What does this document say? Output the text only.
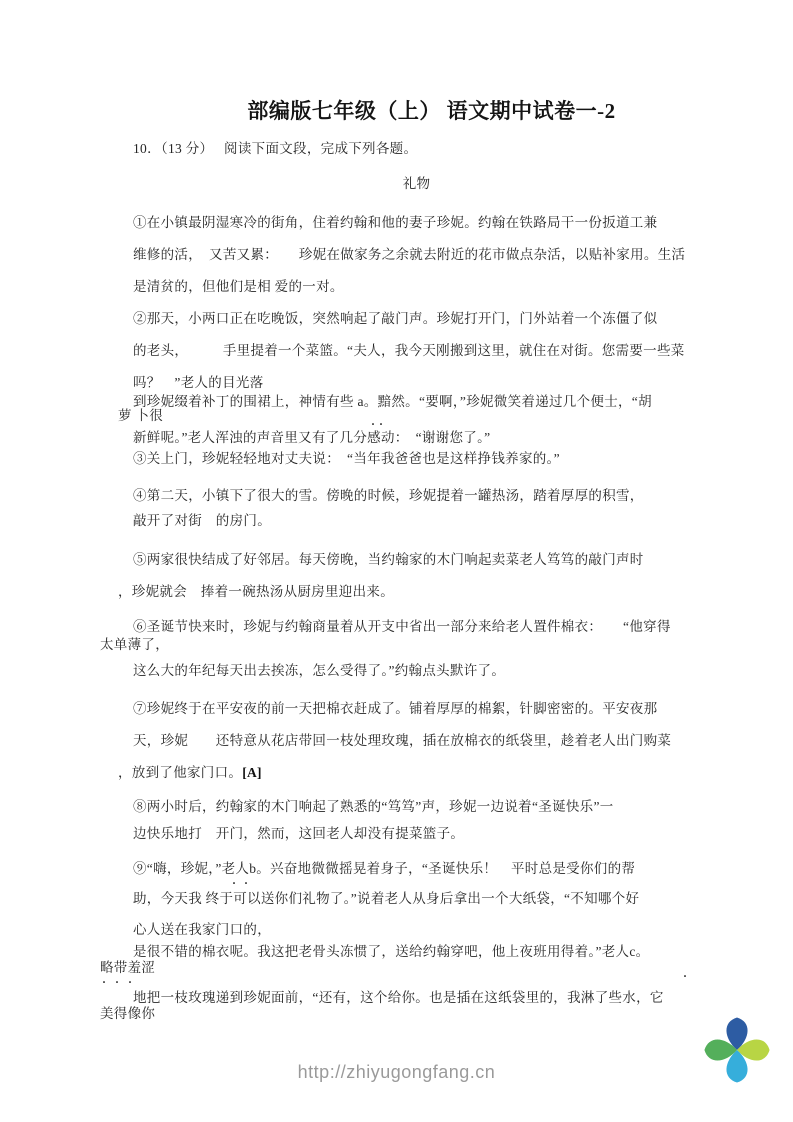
部编版七年级（上） 语文期中试卷一-2
10．（13 分）　 阅读下面文段，完成下列各题。
礼物
①在小镇最阴湿寒冷的街角，住着约翰和他的妻子珍妮。约翰在铁路局干一份扳道工兼
维修的活，　又苦又累：　　珍妮在做家务之余就去附近的花市做点杂活，以贴补家用。生活
是清贫的，但他们是相 爱的一对。
②那天，小两口正在吃晚饭，突然响起了敲门声。珍妮打开门，门外站着一个冻僵了似
的老头，　　　手里提着一个菜篮。“夫人，我今天刚搬到这里，就住在对街。您需要一些菜
吗？　”老人的目光落
到珍妮缀着补丁的围裙上，神情有些 a。黯然。“要啊，”珍妮微笑着递过几个便士，“胡
萝 卜很
··
新鲜呢。”老人浑浊的声音里又有了几分感动：　“谢谢您了。”
③关上门，珍妮轻轻地对丈夫说：　“当年我爸爸也是这样挣钱养家的。”
④第二天，小镇下了很大的雪。傍晚的时候，珍妮提着一罐热汤，踏着厚厚的积雪，
敲开了对街　的房门。
⑤两家很快结成了好邻居。每天傍晚，当约翰家的木门响起卖菜老人笃笃的敲门声时
，珍妮就会　捧着一碗热汤从厨房里迎出来。
⑥圣诞节快来时，珍妮与约翰商量着从开支中省出一部分来给老人置件棉衣：　　“他穿得
太单薄了，
这么大的年纪每天出去挨冻，怎么受得了。”约翰点头默许了。
⑦珍妮终于在平安夜的前一天把棉衣赶成了。铺着厚厚的棉絮，针脚密密的。平安夜那
天，珍妮　　还特意从花店带回一枝处理玫瑰，插在放棉衣的纸袋里，趁着老人出门购菜
，放到了他家门口。[A]
⑧两小时后，约翰家的木门响起了熟悉的“笃笃”声，珍妮一边说着“圣诞快乐”一
边快乐地打　开门，然而，这回老人却没有提菜篮子。
⑨“嗨，珍妮，”老人b。兴奋地微微摇晃着身子，“圣诞快乐！　平时总是受你们的帮
··
助，今天我 终于可以送你们礼物了。”说着老人从身后拿出一个大纸袋，“不知哪个好
心人送在我家门口的，
是很不错的棉衣呢。我这把老骨头冻惯了，送给约翰穿吧，他上夜班用得着。”老人c。
略带羞涩
·
···
地把一枝玫瑰递到珍妮面前，“还有，这个给你。也是插在这纸袋里的，我淋了些水，它
美得像你
http://zhiyugongfang.cn
